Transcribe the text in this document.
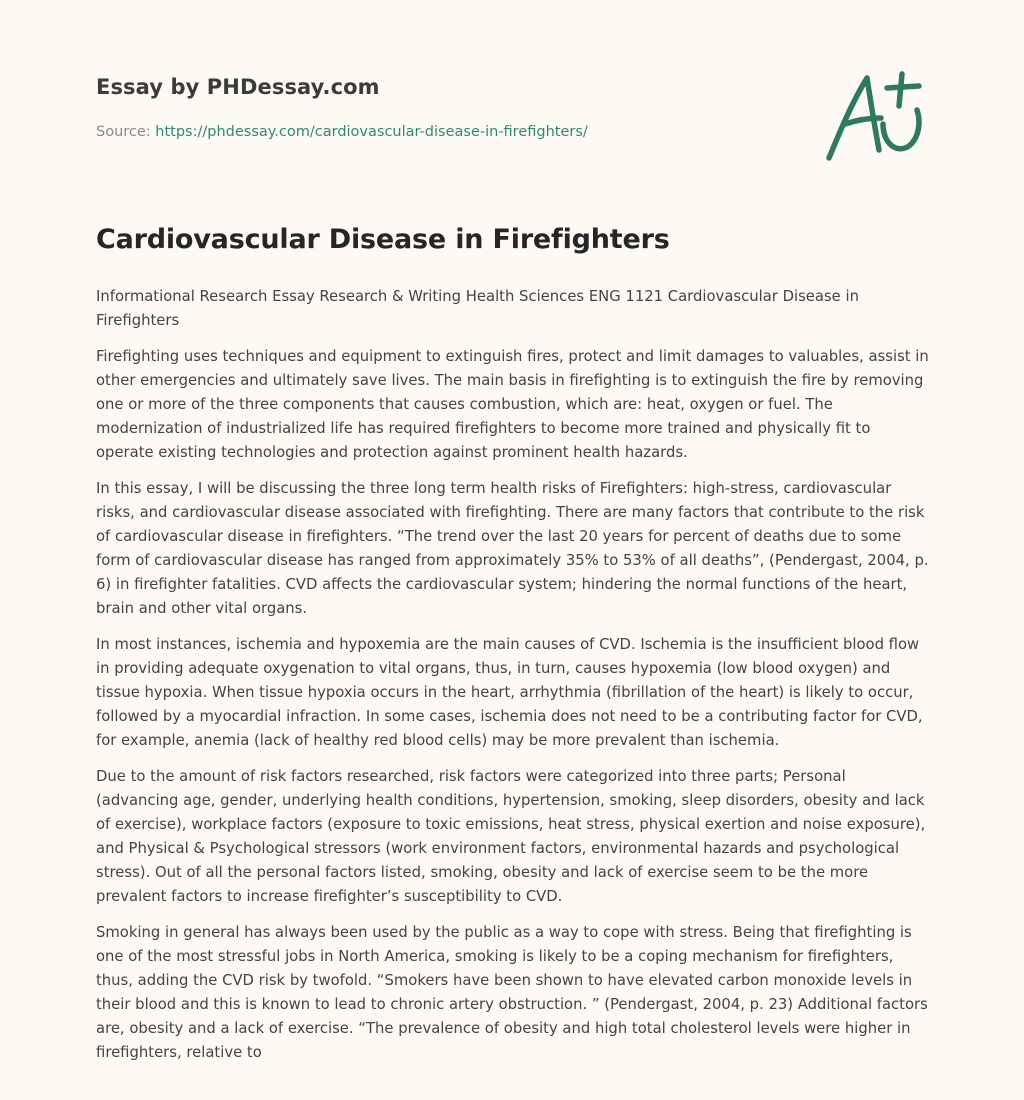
Essay by PHDessay.com
Source: https://phdessay.com/cardiovascular-disease-in-firefighters/
Cardiovascular Disease in Firefighters

Informational Research Essay Research & Writing Health Sciences ENG 1121 Cardiovascular Disease in Firefighters

Firefighting uses techniques and equipment to extinguish fires, protect and limit damages to valuables, assist in other emergencies and ultimately save lives. The main basis in firefighting is to extinguish the fire by removing one or more of the three components that causes combustion, which are: heat, oxygen or fuel. The modernization of industrialized life has required firefighters to become more trained and physically fit to operate existing technologies and protection against prominent health hazards.

In this essay, I will be discussing the three long term health risks of Firefighters: high-stress, cardiovascular risks, and cardiovascular disease associated with firefighting. There are many factors that contribute to the risk of cardiovascular disease in firefighters. “The trend over the last 20 years for percent of deaths due to some form of cardiovascular disease has ranged from approximately 35% to 53% of all deaths”, (Pendergast, 2004, p. 6) in firefighter fatalities. CVD affects the cardiovascular system; hindering the normal functions of the heart, brain and other vital organs.

In most instances, ischemia and hypoxemia are the main causes of CVD. Ischemia is the insufficient blood flow in providing adequate oxygenation to vital organs, thus, in turn, causes hypoxemia (low blood oxygen) and tissue hypoxia. When tissue hypoxia occurs in the heart, arrhythmia (fibrillation of the heart) is likely to occur, followed by a myocardial infraction. In some cases, ischemia does not need to be a contributing factor for CVD, for example, anemia (lack of healthy red blood cells) may be more prevalent than ischemia.

Due to the amount of risk factors researched, risk factors were categorized into three parts; Personal (advancing age, gender, underlying health conditions, hypertension, smoking, sleep disorders, obesity and lack of exercise), workplace factors (exposure to toxic emissions, heat stress, physical exertion and noise exposure), and Physical & Psychological stressors (work environment factors, environmental hazards and psychological stress). Out of all the personal factors listed, smoking, obesity and lack of exercise seem to be the more prevalent factors to increase firefighter’s susceptibility to CVD.

Smoking in general has always been used by the public as a way to cope with stress. Being that firefighting is one of the most stressful jobs in North America, smoking is likely to be a coping mechanism for firefighters, thus, adding the CVD risk by twofold. “Smokers have been shown to have elevated carbon monoxide levels in their blood and this is known to lead to chronic artery obstruction. ” (Pendergast, 2004, p. 23) Additional factors are, obesity and a lack of exercise. “The prevalence of obesity and high total cholesterol levels were higher in firefighters, relative to
